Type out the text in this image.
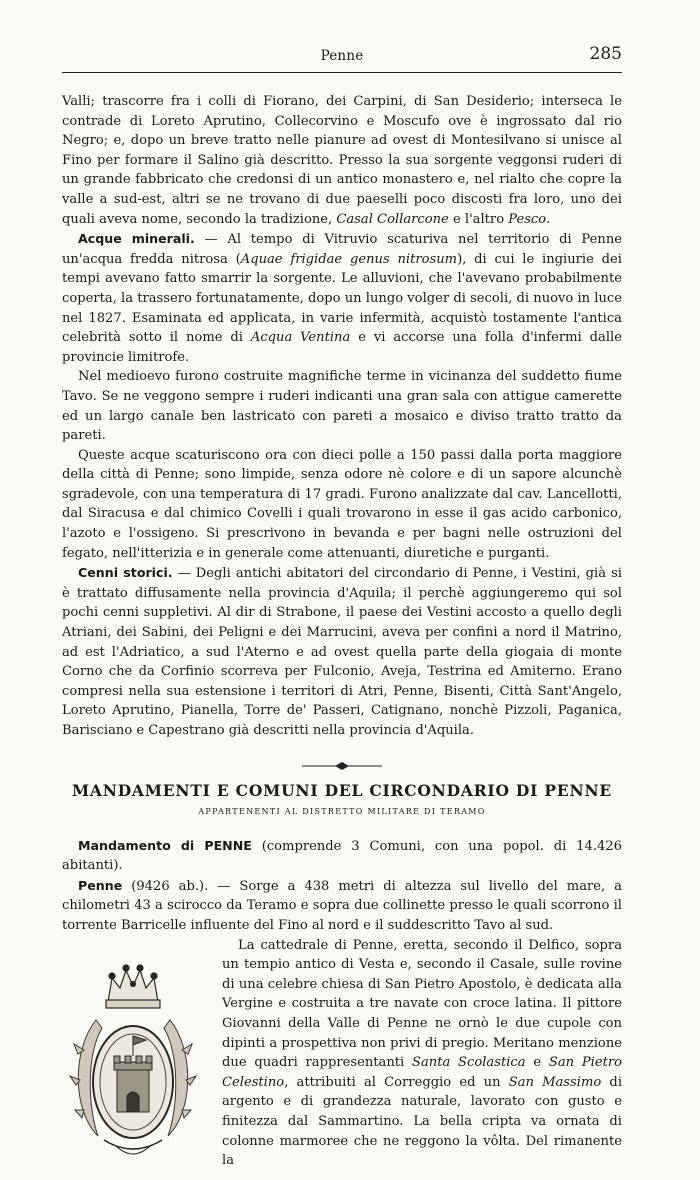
Penne	285

Valli; trascorre fra i colli di Fiorano, dei Carpini, di San Desiderio; interseca le contrade di Loreto Aprutino, Collecorvino e Moscufo ove è ingrossato dal rio Negro; e, dopo un breve tratto nelle pianure ad ovest di Montesilvano si unisce al Fino per formare il Salino già descritto. Presso la sua sorgente veggonsi ruderi di un grande fabbricato che credonsi di un antico monastero e, nel rialto che copre la valle a sud-est, altri se ne trovano di due paeselli poco discosti fra loro, uno dei quali aveva nome, secondo la tradizione, Casal Collarcone e l'altro Pesco.

Acque minerali. — Al tempo di Vitruvio scaturiva nel territorio di Penne un'acqua fredda nitrosa (Aquae frigidae genus nitrosum), di cui le ingiurie dei tempi avevano fatto smarrir la sorgente. Le alluvioni, che l'avevano probabilmente coperta, la trassero fortunatamente, dopo un lungo volger di secoli, di nuovo in luce nel 1827. Esaminata ed applicata, in varie infermità, acquistò tostamente l'antica celebrità sotto il nome di Acqua Ventina e vi accorse una folla d'infermi dalle provincie limitrofe.

Nel medioevo furono costruite magnifiche terme in vicinanza del suddetto fiume Tavo. Se ne veggono sempre i ruderi indicanti una gran sala con attigue camerette ed un largo canale ben lastricato con pareti a mosaico e diviso tratto tratto da pareti.

Queste acque scaturiscono ora con dieci polle a 150 passi dalla porta maggiore della città di Penne; sono limpide, senza odore nè colore e di un sapore alcunchè sgradevole, con una temperatura di 17 gradi. Furono analizzate dal cav. Lancellotti, dal Siracusa e dal chimico Covelli i quali trovarono in esse il gas acido carbonico, l'azoto e l'ossigeno. Si prescrivono in bevanda e per bagni nelle ostruzioni del fegato, nell'itterizia e in generale come attenuanti, diuretiche e purganti.

Cenni storici. — Degli antichi abitatori del circondario di Penne, i Vestini, già si è trattato diffusamente nella provincia d'Aquila; il perchè aggiungeremo qui sol pochi cenni suppletivi. Al dir di Strabone, il paese dei Vestini accosto a quello degli Atriani, dei Sabini, dei Peligni e dei Marrucini, aveva per confini a nord il Matrino, ad est l'Adriatico, a sud l'Aterno e ad ovest quella parte della giogaia di monte Corno che da Corfinio scorreva per Fulconio, Aveja, Testrina ed Amiterno. Erano compresi nella sua estensione i territori di Atri, Penne, Bisenti, Città Sant'Angelo, Loreto Aprutino, Pianella, Torre de' Passeri, Catignano, nonchè Pizzoli, Paganica, Barisciano e Capestrano già descritti nella provincia d'Aquila.

MANDAMENTI E COMUNI DEL CIRCONDARIO DI PENNE
APPARTENENTI AL DISTRETTO MILITARE DI TERAMO

Mandamento di PENNE (comprende 3 Comuni, con una popol. di 14.426 abitanti).

Penne (9426 ab.). — Sorge a 438 metri di altezza sul livello del mare, a chilometri 43 a scirocco da Teramo e sopra due collinette presso le quali scorrono il torrente Barricelle influente del Fino al nord e il suddescritto Tavo al sud.

La cattedrale di Penne, eretta, secondo il Delfico, sopra un tempio antico di Vesta e, secondo il Casale, sulle rovine di una celebre chiesa di San Pietro Apostolo, è dedicata alla Vergine e costruita a tre navate con croce latina. Il pittore Giovanni della Valle di Penne ne ornò le due cupole con dipinti a prospettiva non privi di pregio. Meritano menzione due quadri rappresentanti Santa Scolastica e San Pietro Celestino, attribuiti al Correggio ed un San Massimo di argento e di grandezza naturale, lavorato con gusto e finitezza dal Sammartino. La bella cripta va ornata di colonne marmoree che ne reggono la vôlta. Del rimanente la
